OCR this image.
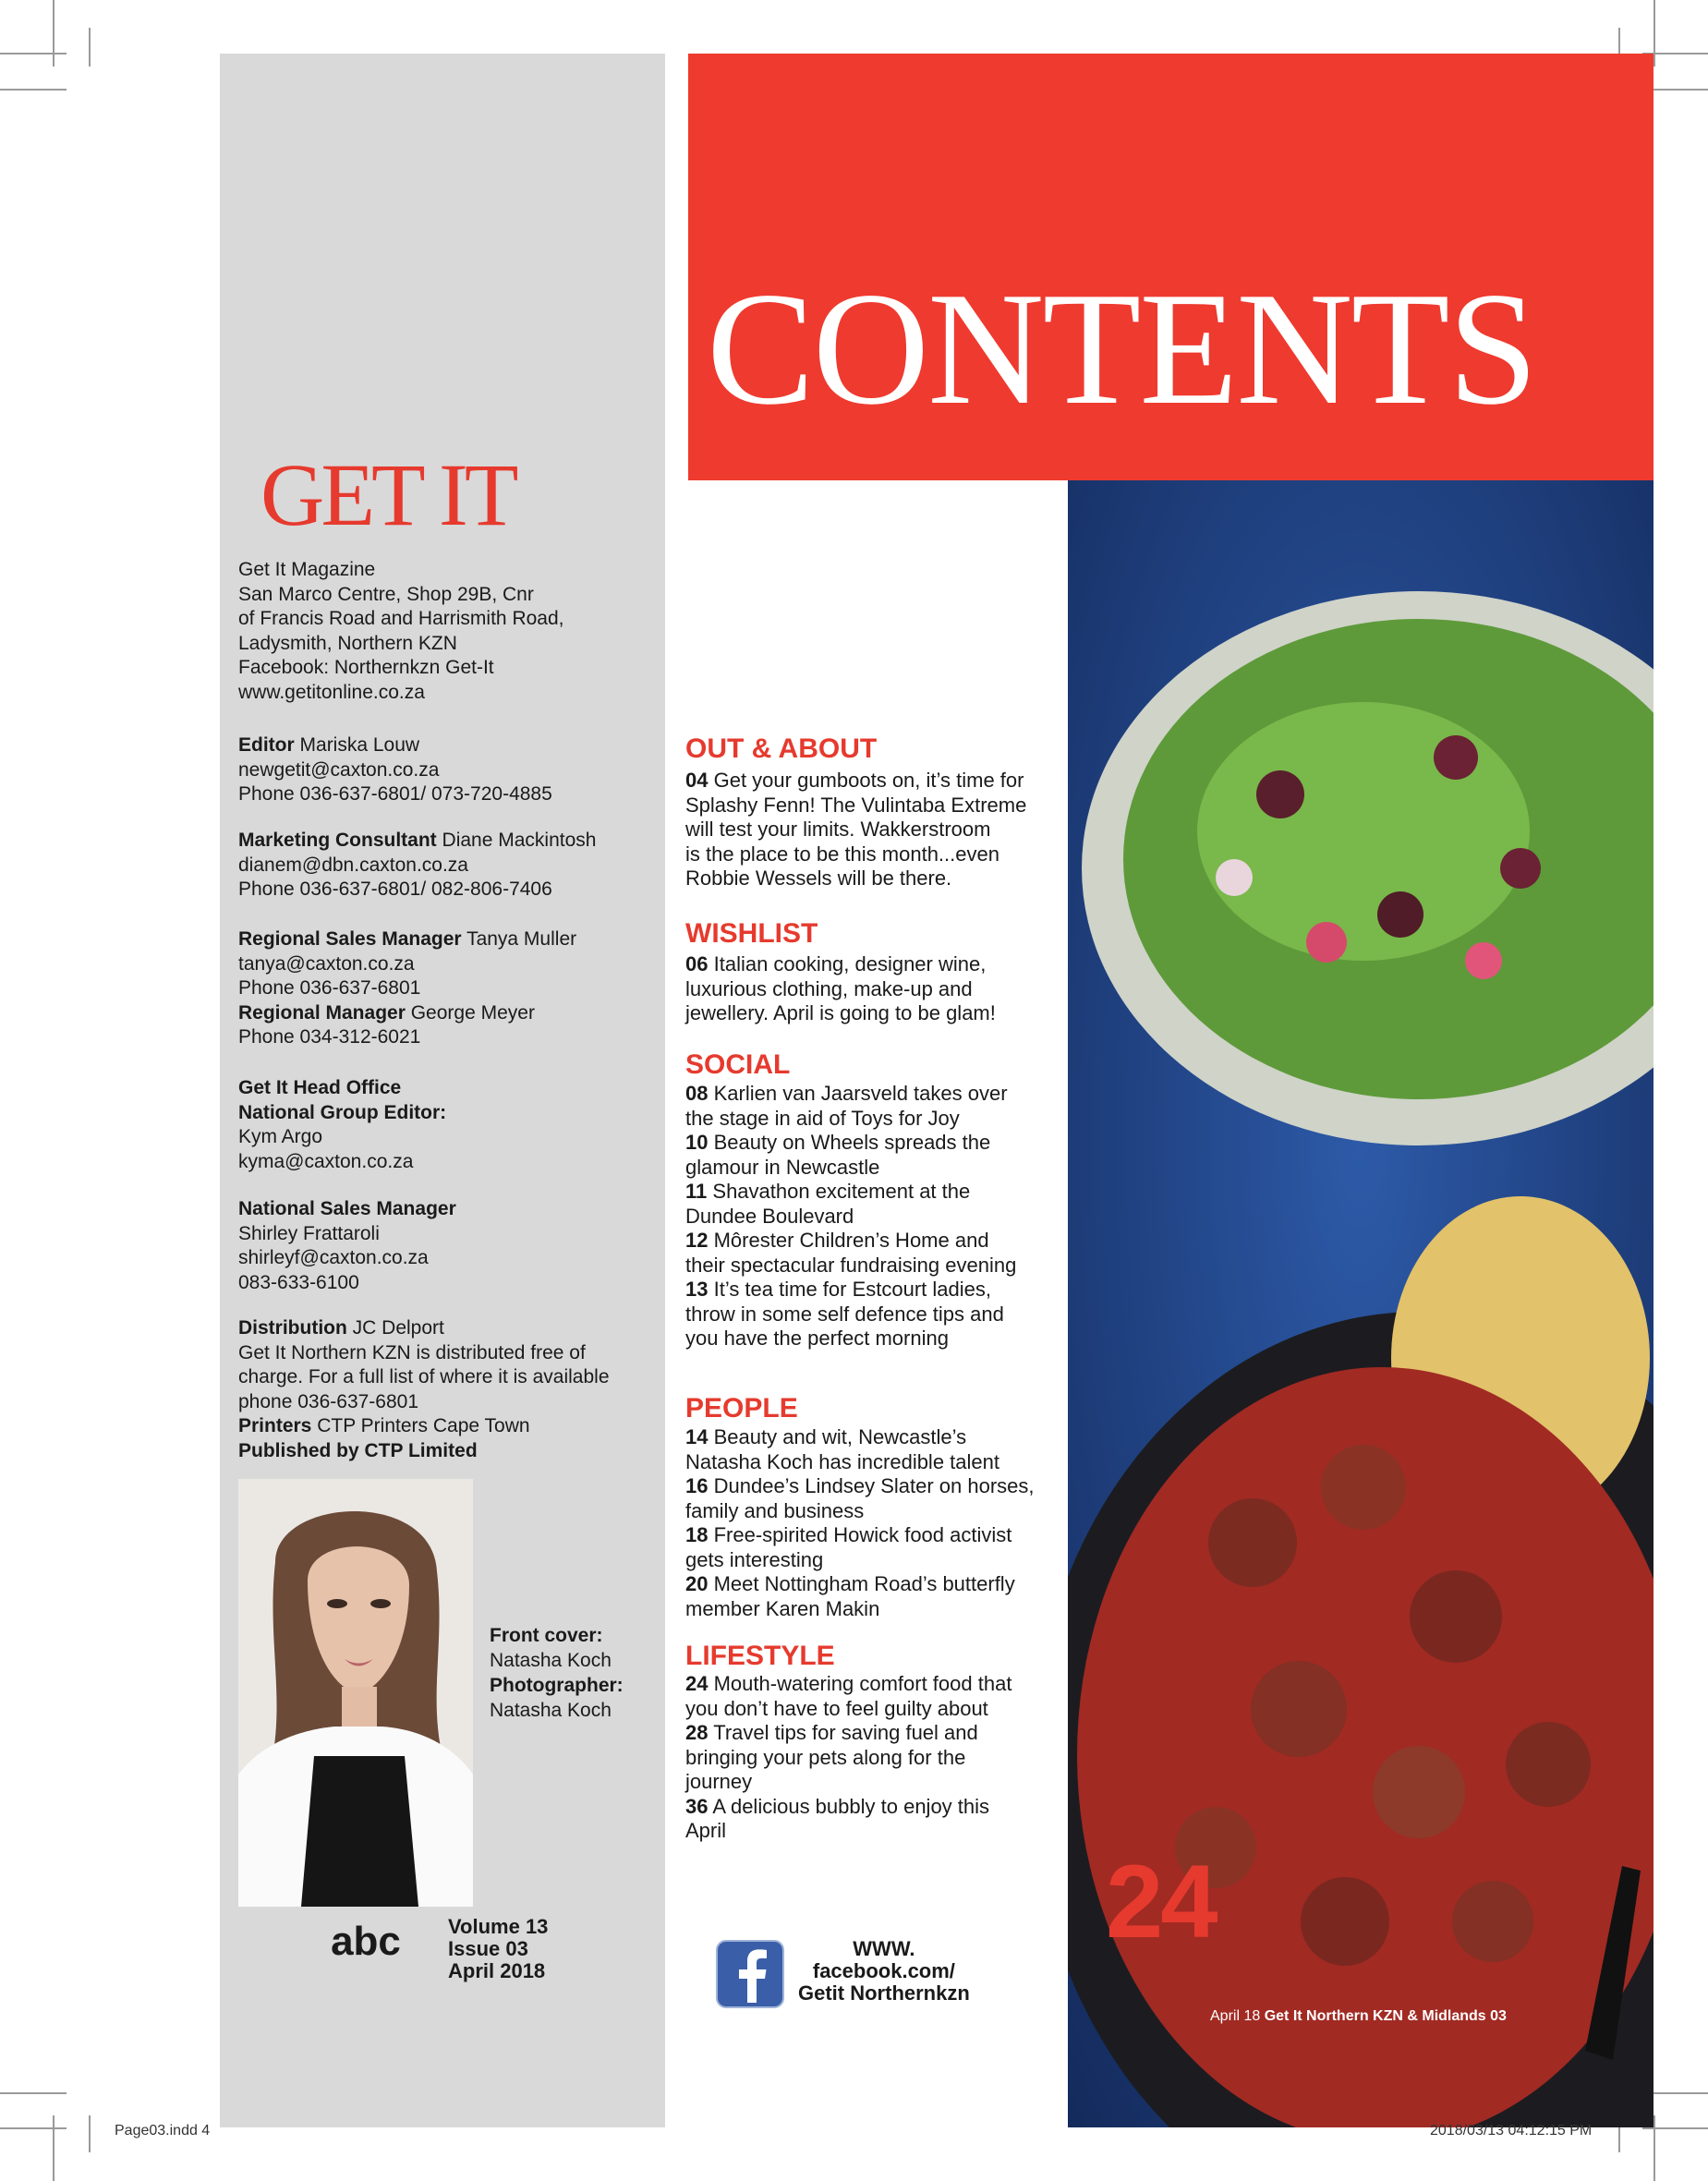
GET IT
Get It Magazine
San Marco Centre, Shop 29B, Cnr
of Francis Road and Harrismith Road,
Ladysmith, Northern KZN
Facebook: Northernkzn Get-It
www.getitonline.co.za
Editor Mariska Louw
newgetit@caxton.co.za
Phone 036-637-6801/ 073-720-4885
Marketing Consultant Diane Mackintosh
dianem@dbn.caxton.co.za
Phone 036-637-6801/ 082-806-7406
Regional Sales Manager Tanya Muller
tanya@caxton.co.za
Phone 036-637-6801
Regional Manager George Meyer
Phone 034-312-6021
Get It Head Office
National Group Editor:
Kym Argo
kyma@caxton.co.za
National Sales Manager
Shirley Frattaroli
shirleyf@caxton.co.za
083-633-6100
Distribution JC Delport
Get It Northern KZN is distributed free of
charge. For a full list of where it is available
phone 036-637-6801
Printers CTP Printers Cape Town
Published by CTP Limited
Front cover:
Natasha Koch
Photographer:
Natasha Koch
abc Volume 13
Issue 03
April 2018
CONTENTS
24
April 18 Get It Northern KZN & Midlands 03
OUT & ABOUT
04 Get your gumboots on, it’s time for
Splashy Fenn! The Vulintaba Extreme
will test your limits. Wakkerstroom
is the place to be this month...even
Robbie Wessels will be there.
WISHLIST
06 Italian cooking, designer wine,
luxurious clothing, make-up and
jewellery. April is going to be glam!
SOCIAL
08 Karlien van Jaarsveld takes over
the stage in aid of Toys for Joy
10 Beauty on Wheels spreads the
glamour in Newcastle
11 Shavathon excitement at the
Dundee Boulevard
12 Môrester Children’s Home and
their spectacular fundraising evening
13 It’s tea time for Estcourt ladies,
throw in some self defence tips and
you have the perfect morning
PEOPLE
14 Beauty and wit, Newcastle’s
Natasha Koch has incredible talent
16 Dundee’s Lindsey Slater on horses,
family and business
18 Free-spirited Howick food activist
gets interesting
20 Meet Nottingham Road’s butterfly
member Karen Makin
LIFESTYLE
24 Mouth-watering comfort food that
you don’t have to feel guilty about
28 Travel tips for saving fuel and
bringing your pets along for the
journey
36 A delicious bubbly to enjoy this
April
WWW.
facebook.com/
Getit Northernkzn
Page03.indd 4	2018/03/13 04:12:15 PM
